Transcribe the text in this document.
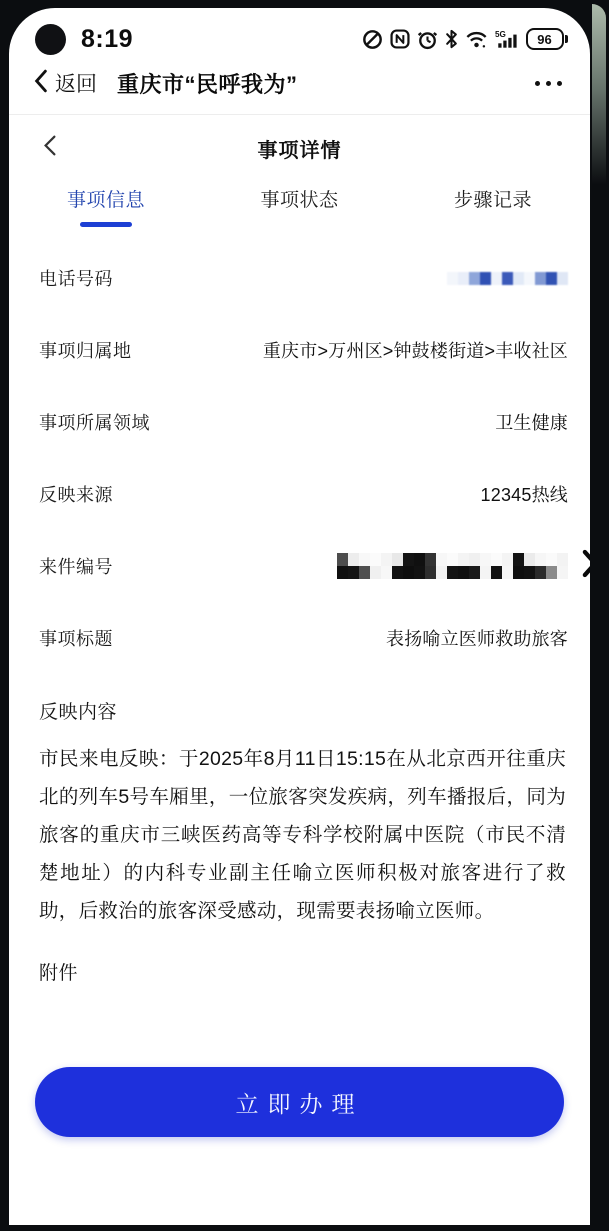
8:19	5G 96
返回 重庆市“民呼我为”
事项详情
事项信息	事项状态	步骤记录
电话号码
事项归属地	重庆市>万州区>钟鼓楼街道>丰收社区
事项所属领域	卫生健康
反映来源	12345热线
来件编号
事项标题	表扬喻立医师救助旅客
反映内容

市民来电反映：于2025年8月11日15:15在从北京西开往重庆北的列车5号车厢里，一位旅客突发疾病，列车播报后，同为旅客的重庆市三峡医药高等专科学校附属中医院（市民不清楚地址）的内科专业副主任喻立医师积极对旅客进行了救助，后救治的旅客深受感动，现需要表扬喻立医师。

附件
立即办理
